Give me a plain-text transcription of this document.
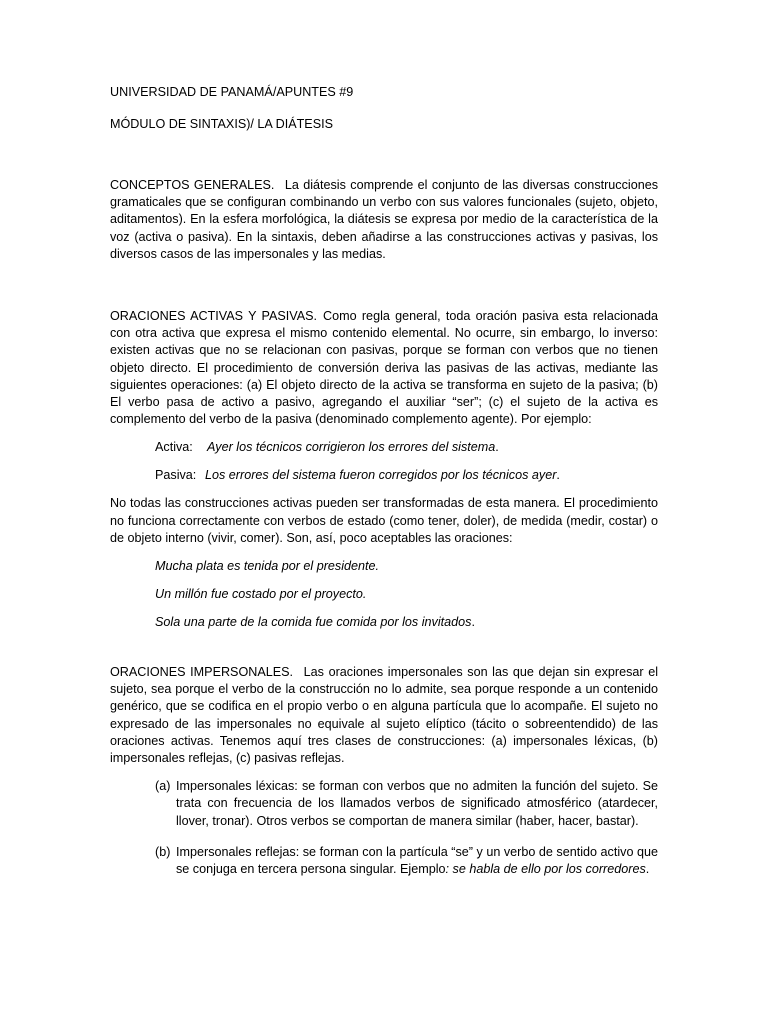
UNIVERSIDAD DE PANAMÁ/APUNTES #9

MÓDULO DE SINTAXIS)/ LA DIÁTESIS

CONCEPTOS GENERALES. La diátesis comprende el conjunto de las diversas construcciones gramaticales que se configuran combinando un verbo con sus valores funcionales (sujeto, objeto, aditamentos). En la esfera morfológica, la diátesis se expresa por medio de la característica de la voz (activa o pasiva). En la sintaxis, deben añadirse a las construcciones activas y pasivas, los diversos casos de las impersonales y las medias.

ORACIONES ACTIVAS Y PASIVAS. Como regla general, toda oración pasiva esta relacionada con otra activa que expresa el mismo contenido elemental. No ocurre, sin embargo, lo inverso: existen activas que no se relacionan con pasivas, porque se forman con verbos que no tienen objeto directo. El procedimiento de conversión deriva las pasivas de las activas, mediante las siguientes operaciones: (a) El objeto directo de la activa se transforma en sujeto de la pasiva; (b) El verbo pasa de activo a pasivo, agregando el auxiliar “ser”; (c) el sujeto de la activa es complemento del verbo de la pasiva (denominado complemento agente). Por ejemplo:

Activa: Ayer los técnicos corrigieron los errores del sistema.

Pasiva: Los errores del sistema fueron corregidos por los técnicos ayer.

No todas las construcciones activas pueden ser transformadas de esta manera. El procedimiento no funciona correctamente con verbos de estado (como tener, doler), de medida (medir, costar) o de objeto interno (vivir, comer). Son, así, poco aceptables las oraciones:

Mucha plata es tenida por el presidente.

Un millón fue costado por el proyecto.

Sola una parte de la comida fue comida por los invitados.

ORACIONES IMPERSONALES. Las oraciones impersonales son las que dejan sin expresar el sujeto, sea porque el verbo de la construcción no lo admite, sea porque responde a un contenido genérico, que se codifica en el propio verbo o en alguna partícula que lo acompañe. El sujeto no expresado de las impersonales no equivale al sujeto elíptico (tácito o sobreentendido) de las oraciones activas. Tenemos aquí tres clases de construcciones: (a) impersonales léxicas, (b) impersonales reflejas, (c) pasivas reflejas.

(a) Impersonales léxicas: se forman con verbos que no admiten la función del sujeto. Se trata con frecuencia de los llamados verbos de significado atmosférico (atardecer, llover, tronar). Otros verbos se comportan de manera similar (haber, hacer, bastar).
(b) Impersonales reflejas: se forman con la partícula “se” y un verbo de sentido activo que se conjuga en tercera persona singular. Ejemplo: se habla de ello por los corredores.
